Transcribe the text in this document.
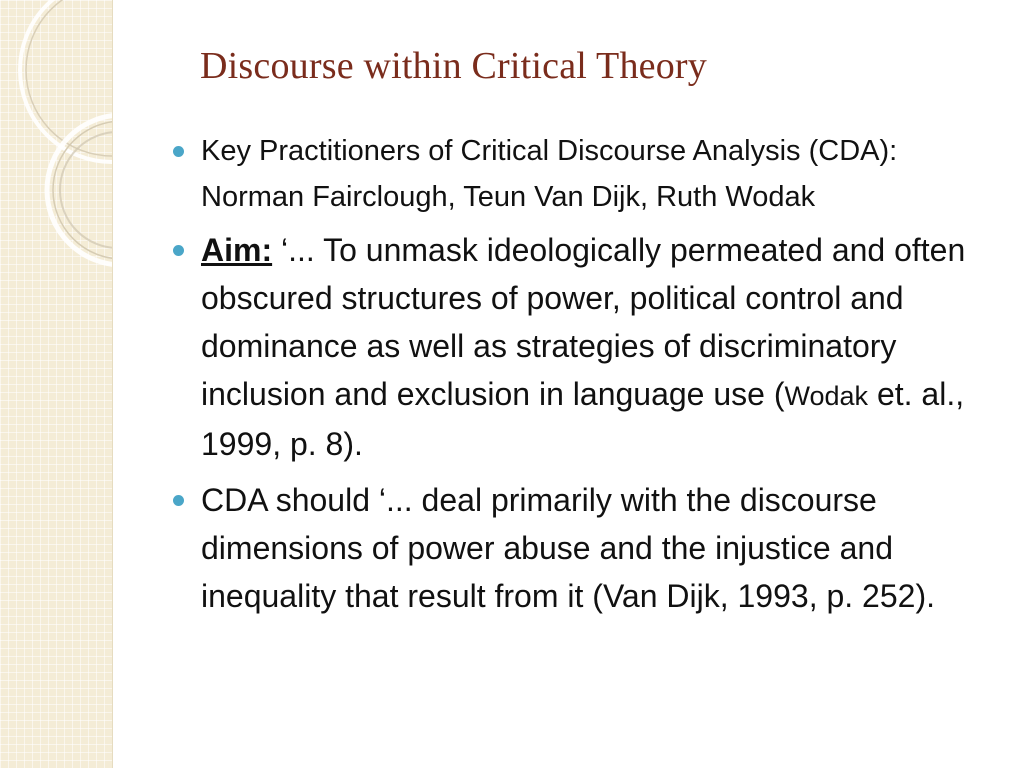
Discourse within Critical Theory
Key Practitioners of Critical Discourse Analysis (CDA): Norman Fairclough, Teun Van Dijk, Ruth Wodak
Aim: ‘... To unmask ideologically permeated and often obscured structures of power, political control and dominance as well as strategies of discriminatory inclusion and exclusion in language use (Wodak et. al., 1999, p. 8).
CDA should ‘... deal primarily with the discourse dimensions of power abuse and the injustice and inequality that result from it (Van Dijk, 1993, p. 252).
